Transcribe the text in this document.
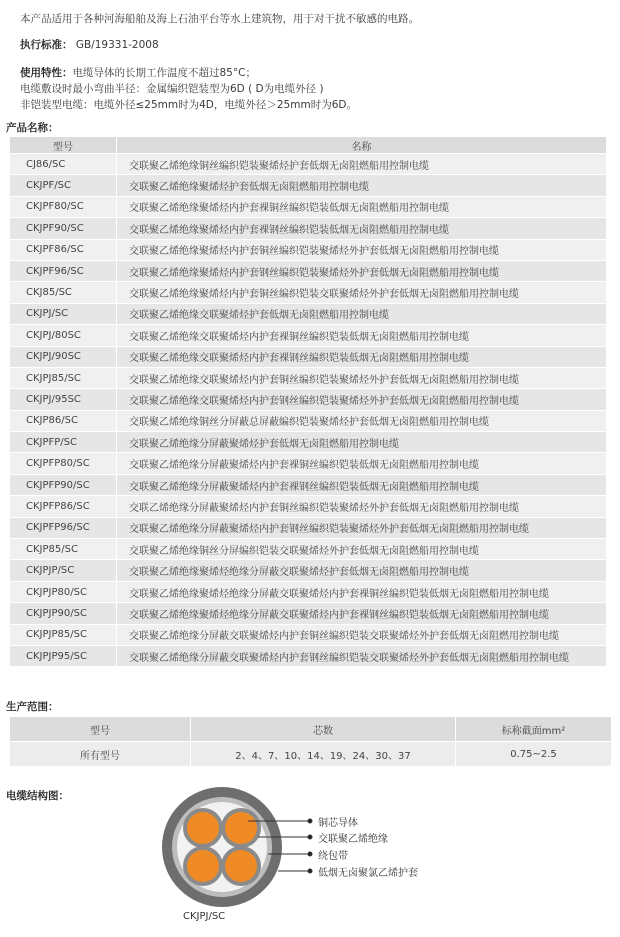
本产品适用于各种河海船舶及海上石油平台等水上建筑物，用于对干扰不敏感的电路。
执行标准： GB/19331-2008
使用特性：电缆导体的长期工作温度不超过85°C；
电缆敷设时最小弯曲半径：金属编织铠装型为6D ( D为电缆外径 )
非铠装型电缆：电缆外径≤25mm时为4D，电缆外径＞25mm时为6D。
产品名称：
型号	名称
CJ86/SC	交联聚乙烯绝缘铜丝编织铠装聚烯烃护套低烟无卤阻燃船用控制电缆
CKJPF/SC	交联聚乙烯绝缘聚烯烃护套低烟无卤阻燃船用控制电缆
CKJPF80/SC	交联聚乙烯绝缘聚烯烃内护套裸铜丝编织铠装低烟无卤阻燃船用控制电缆
CKJPF90/SC	交联聚乙烯绝缘聚烯烃内护套裸钢丝编织铠装低烟无卤阻燃船用控制电缆
CKJPF86/SC	交联聚乙烯绝缘聚烯烃内护套铜丝编织铠装聚烯烃外护套低烟无卤阻燃船用控制电缆
CKJPF96/SC	交联聚乙烯绝缘聚烯烃内护套钢丝编织铠装聚烯烃外护套低烟无卤阻燃船用控制电缆
CKJ85/SC	交联聚乙烯绝缘聚烯烃内护套铜丝编织铠装交联聚烯烃外护套低烟无卤阻燃船用控制电缆
CKJPJ/SC	交联聚乙烯绝缘交联聚烯烃护套低烟无卤阻燃船用控制电缆
CKJPJ/80SC	交联聚乙烯绝缘交联聚烯烃内护套裸铜丝编织铠装低烟无卤阻燃船用控制电缆
CKJPJ/90SC	交联聚乙烯绝缘交联聚烯烃内护套裸钢丝编织铠装低烟无卤阻燃船用控制电缆
CKJPJ85/SC	交联聚乙烯绝缘交联聚烯烃内护套铜丝编织铠装聚烯烃外护套低烟无卤阻燃船用控制电缆
CKJPJ/95SC	交联聚乙烯绝缘交联聚烯烃内护套钢丝编织铠装聚烯烃外护套低烟无卤阻燃船用控制电缆
CKJP86/SC	交联聚乙烯绝缘铜丝分屏蔽总屏蔽编织铠装聚烯烃护套低烟无卤阻燃船用控制电缆
CKJPFP/SC	交联聚乙烯绝缘分屏蔽聚烯烃护套低烟无卤阻燃船用控制电缆
CKJPFP80/SC	交联聚乙烯绝缘分屏蔽聚烯烃内护套裸铜丝编织铠装低烟无卤阻燃船用控制电缆
CKJPFP90/SC	交联聚乙烯绝缘分屏蔽聚烯烃内护套裸钢丝编织铠装低烟无卤阻燃船用控制电缆
CKJPFP86/SC	交联乙烯绝缘分屏蔽聚烯烃内护套铜丝编织铠装聚烯烃外护套低烟无卤阻燃船用控制电缆
CKJPFP96/SC	交联聚乙烯绝缘分屏蔽聚烯烃内护套钢丝编织铠装聚烯烃外护套低烟无卤阻燃船用控制电缆
CKJP85/SC	交联聚乙烯绝缘铜丝分屏编织铠装交联聚烯烃外护套低烟无卤阻燃船用控制电缆
CKJPJP/SC	交联聚乙烯绝缘聚烯烃绝缘分屏蔽交联聚烯烃护套低烟无卤阻燃船用控制电缆
CKJPJP80/SC	交联聚乙烯绝缘聚烯烃绝缘分屏蔽交联聚烯烃内护套裸铜丝编织铠装低烟无卤阻燃船用控制电缆
CKJPJP90/SC	交联聚乙烯绝缘聚烯烃绝缘分屏蔽交联聚烯烃内护套裸钢丝编织铠装低烟无卤阻燃船用控制电缆
CKJPJP85/SC	交联聚乙烯绝缘分屏蔽交联聚烯烃内护套铜丝编织铠装交联聚烯烃外护套低烟无卤阻燃用控制电缆
CKJPJP95/SC	交联聚乙烯绝缘分屏蔽交联聚烯烃内护套钢丝编织铠装交联聚烯烃外护套低烟无卤阻燃船用控制电缆
生产范围：
型号	芯数	标称截面mm²
所有型号	2、4、7、10、14、19、24、30、37	0.75~2.5
电缆结构图：
铜芯导体
交联聚乙烯绝缘
绕包带
低烟无卤聚氯乙烯护套
CKJPJ/SC
